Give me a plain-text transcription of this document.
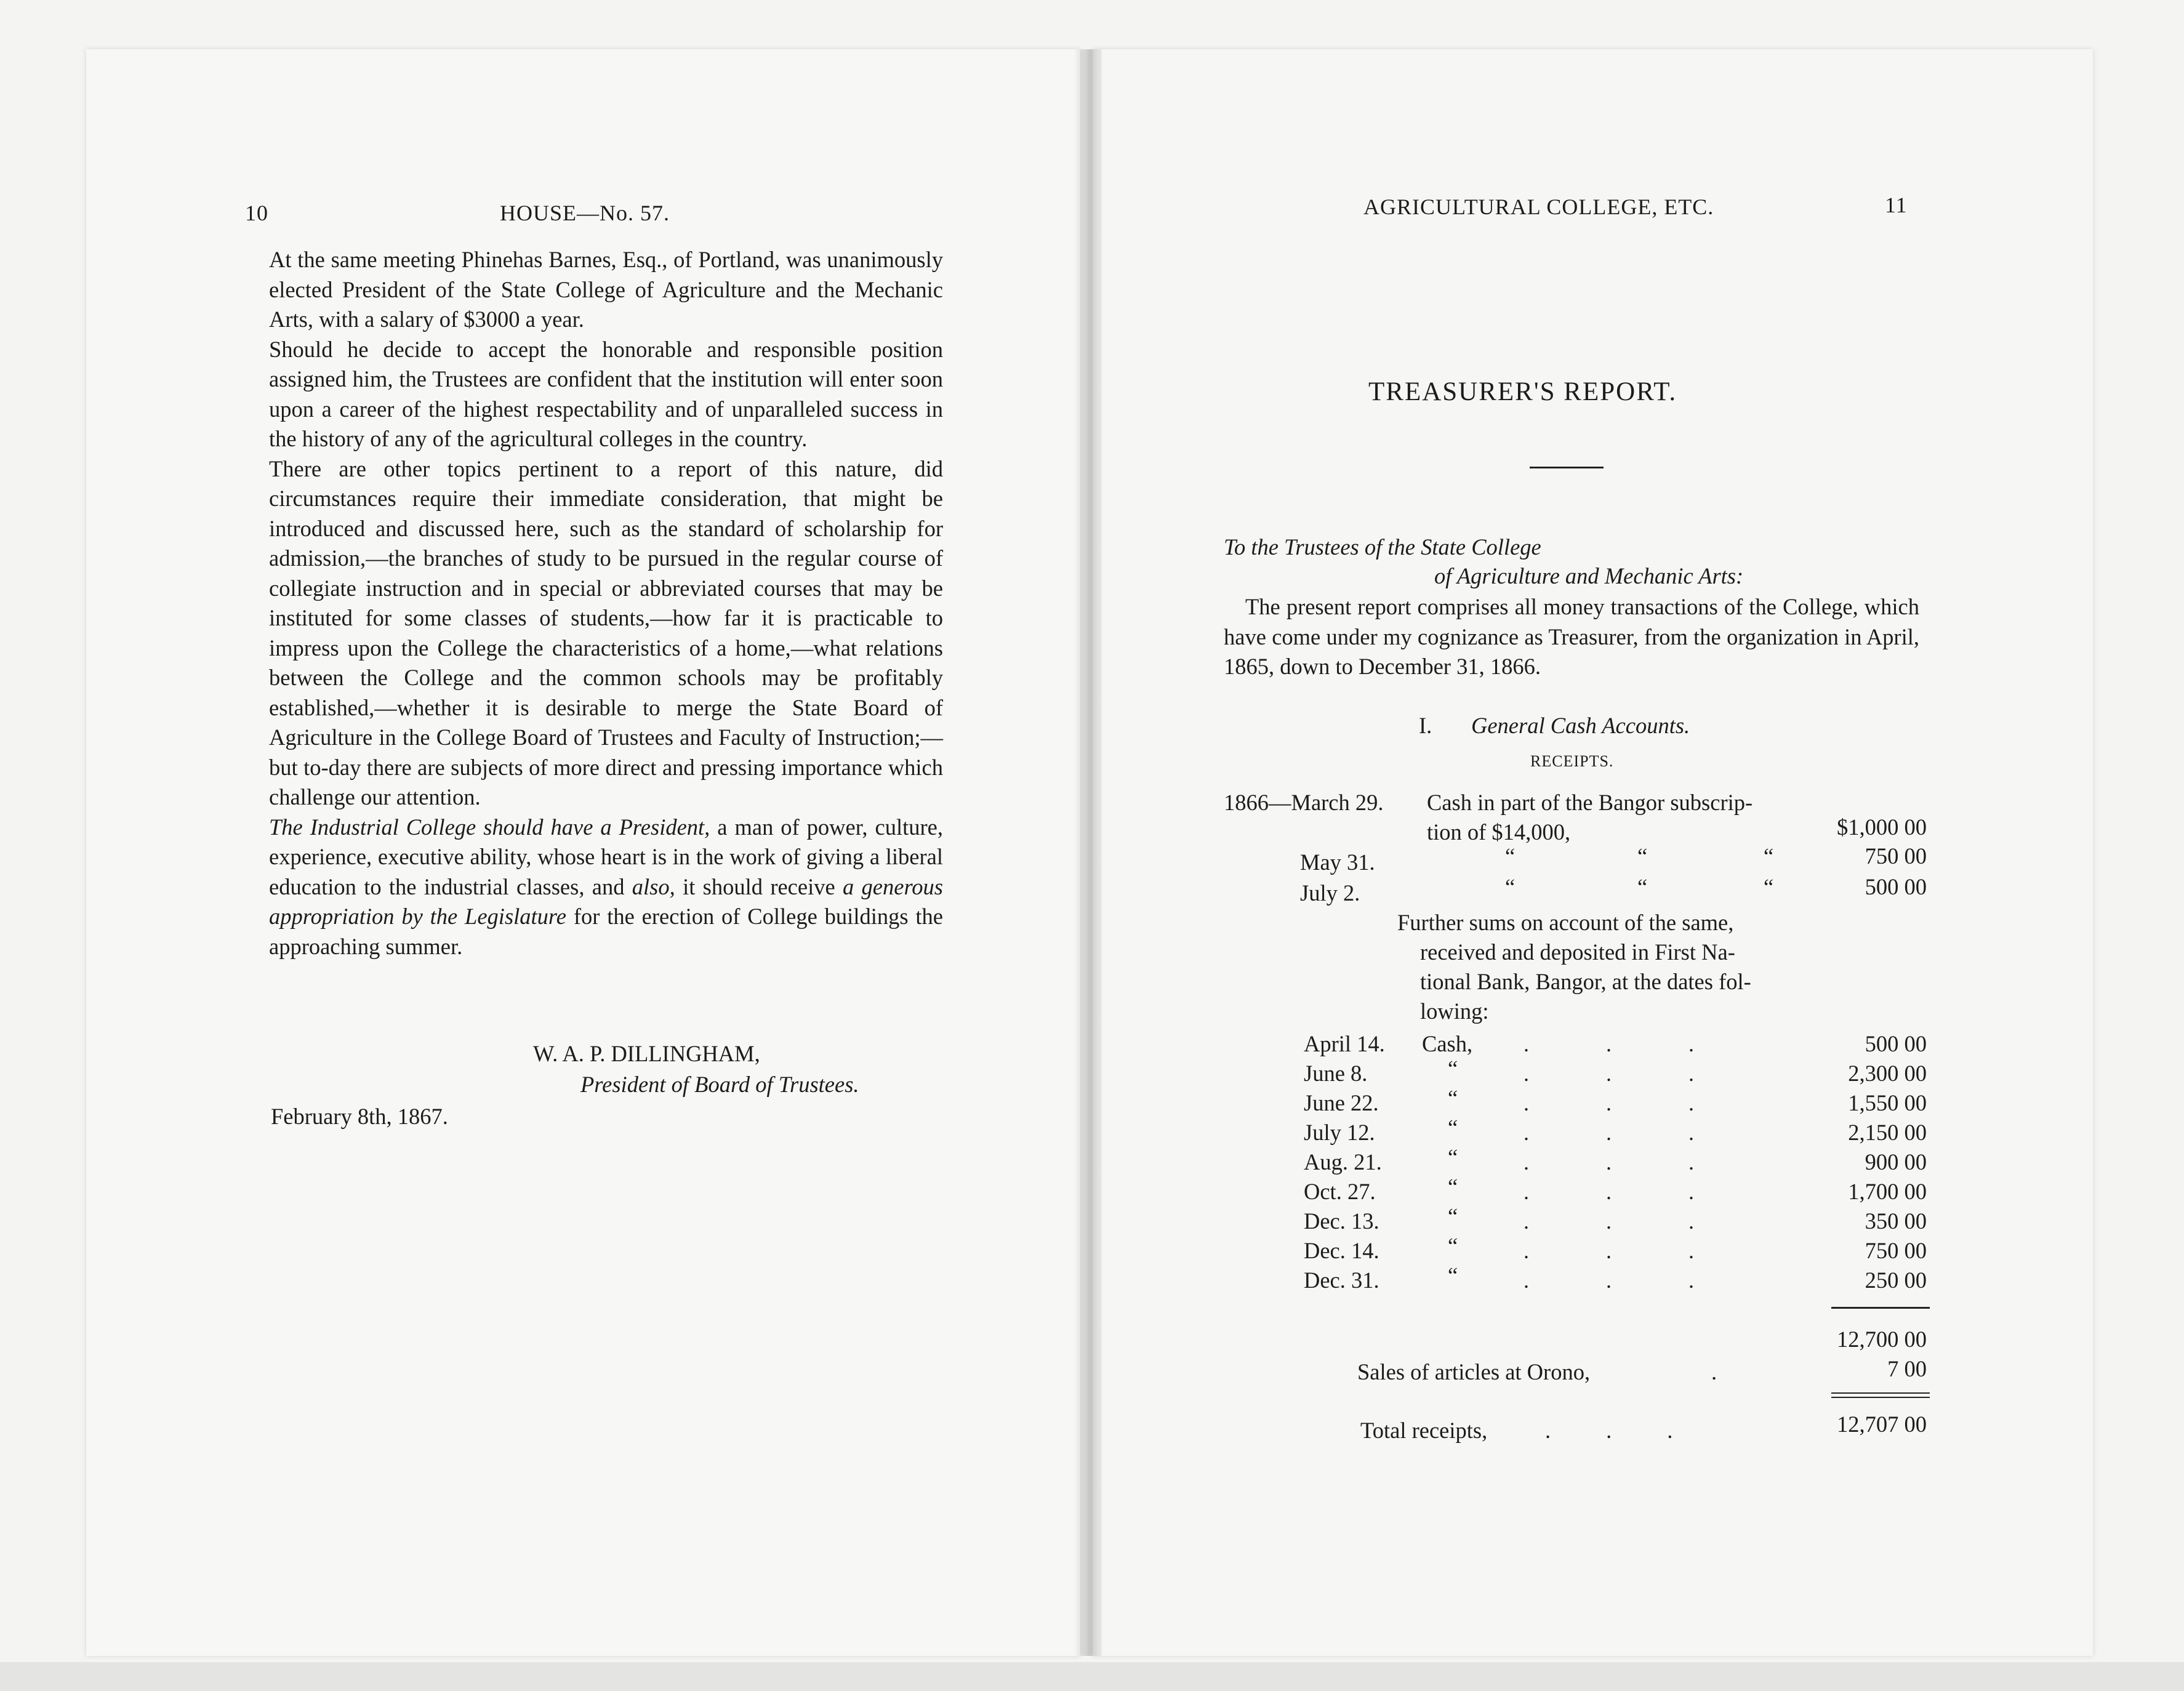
10	HOUSE—No. 57.

At the same meeting Phinehas Barnes, Esq., of Portland, was unanimously elected President of the State College of Agriculture and the Mechanic Arts, with a salary of $3000 a year.

Should he decide to accept the honorable and responsible position assigned him, the Trustees are confident that the institution will enter soon upon a career of the highest respectability and of unparalleled success in the history of any of the agricultural colleges in the country.

There are other topics pertinent to a report of this nature, did circumstances require their immediate consideration, that might be introduced and discussed here, such as the standard of scholarship for admission,—the branches of study to be pursued in the regular course of collegiate instruction and in special or abbreviated courses that may be instituted for some classes of students,—how far it is practicable to impress upon the College the characteristics of a home,—what relations between the College and the common schools may be profitably established,—whether it is desirable to merge the State Board of Agriculture in the College Board of Trustees and Faculty of Instruction;—but to-day there are subjects of more direct and pressing importance which challenge our attention.

The Industrial College should have a President, a man of power, culture, experience, executive ability, whose heart is in the work of giving a liberal education to the industrial classes, and also, it should receive a generous appropriation by the Legislature for the erection of College buildings the approaching summer.

W. A. P. DILLINGHAM,
President of Board of Trustees.
February 8th, 1867.
AGRICULTURAL COLLEGE, ETC.	11
TREASURER'S REPORT.
To the Trustees of the State College
of Agriculture and Mechanic Arts:
The present report comprises all money transactions of the College, which have come under my cognizance as Treasurer, from the organization in April, 1865, down to December 31, 1866.
I. General Cash Accounts.
RECEIPTS.
1866—March 29. Cash in part of the Bangor subscrip-
tion of $14,000,	$1,000 00
May 31.	“	“	“	750 00
July 2.	“	“	“	500 00
Further sums on account of the same,
received and deposited in First Na-
tional Bank, Bangor, at the dates fol-
lowing:
April 14. Cash,	500 00
June 8.	“	2,300 00
June 22.	“	1,550 00
July 12.	“	2,150 00
Aug. 21.	“	900 00
Oct. 27.	“	1,700 00
Dec. 13.	“	350 00
Dec. 14.	“	750 00
Dec. 31.	“	250 00
. . .
. . .
. . .
. . .
. . .
. . .
. . .
. . .
. . .
12,700 00
Sales of articles at Orono,	.	7 00
Total receipts,	...	12,707 00
